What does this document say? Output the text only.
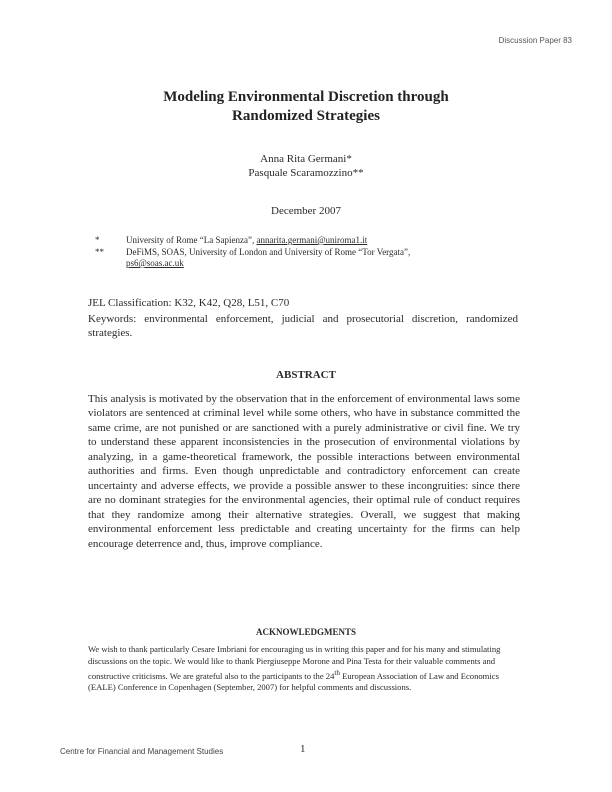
Discussion Paper 83
Modeling Environmental Discretion through
Randomized Strategies
Anna Rita Germani*
Pasquale Scaramozzino**
December 2007
*	University of Rome “La Sapienza”, annarita.germani@uniroma1.it
**	DeFiMS, SOAS, University of London and University of Rome “Tor Vergata”,
ps6@soas.ac.uk
JEL Classification: K32, K42, Q28, L51, C70
Keywords: environmental enforcement, judicial and prosecutorial discretion, randomized strategies.
ABSTRACT
This analysis is motivated by the observation that in the enforcement of environmental laws some violators are sentenced at criminal level while some others, who have in substance committed the same crime, are not punished or are sanctioned with a purely administrative or civil fine. We try to understand these apparent inconsistencies in the prosecution of environmental violations by analyzing, in a game-theoretical framework, the possible interactions between environmental authorities and firms. Even though unpredictable and contradictory enforcement can create uncertainty and adverse effects, we provide a possible answer to these incongruities: since there are no dominant strategies for the environmental agencies, their optimal rule of conduct requires that they randomize among their alternative strategies. Overall, we suggest that making environmental enforcement less predictable and creating uncertainty for the firms can help encourage deterrence and, thus, improve compliance.
ACKNOWLEDGMENTS
We wish to thank particularly Cesare Imbriani for encouraging us in writing this paper and for his many and stimulating discussions on the topic. We would like to thank Piergiuseppe Morone and Pina Testa for their valuable comments and constructive criticisms. We are grateful also to the participants to the 24th European Association of Law and Economics (EALE) Conference in Copenhagen (September, 2007) for helpful comments and discussions.
Centre for Financial and Management Studies	1
